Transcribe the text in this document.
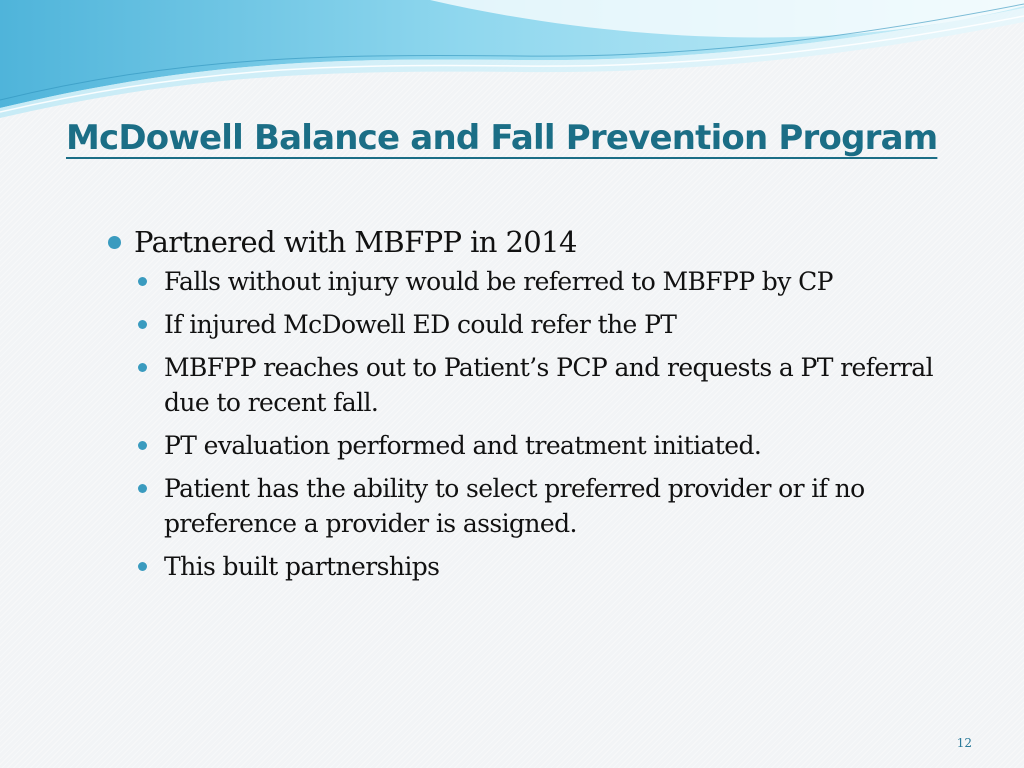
McDowell Balance and Fall Prevention Program
Partnered with MBFPP in 2014
Falls without injury would be referred to MBFPP by CP
If injured McDowell ED could refer the PT
MBFPP reaches out to Patient’s PCP and requests a PT referral due to recent fall.
PT evaluation performed and treatment initiated.
Patient has the ability to select preferred provider or if no preference a provider is assigned.
This built partnerships
12
